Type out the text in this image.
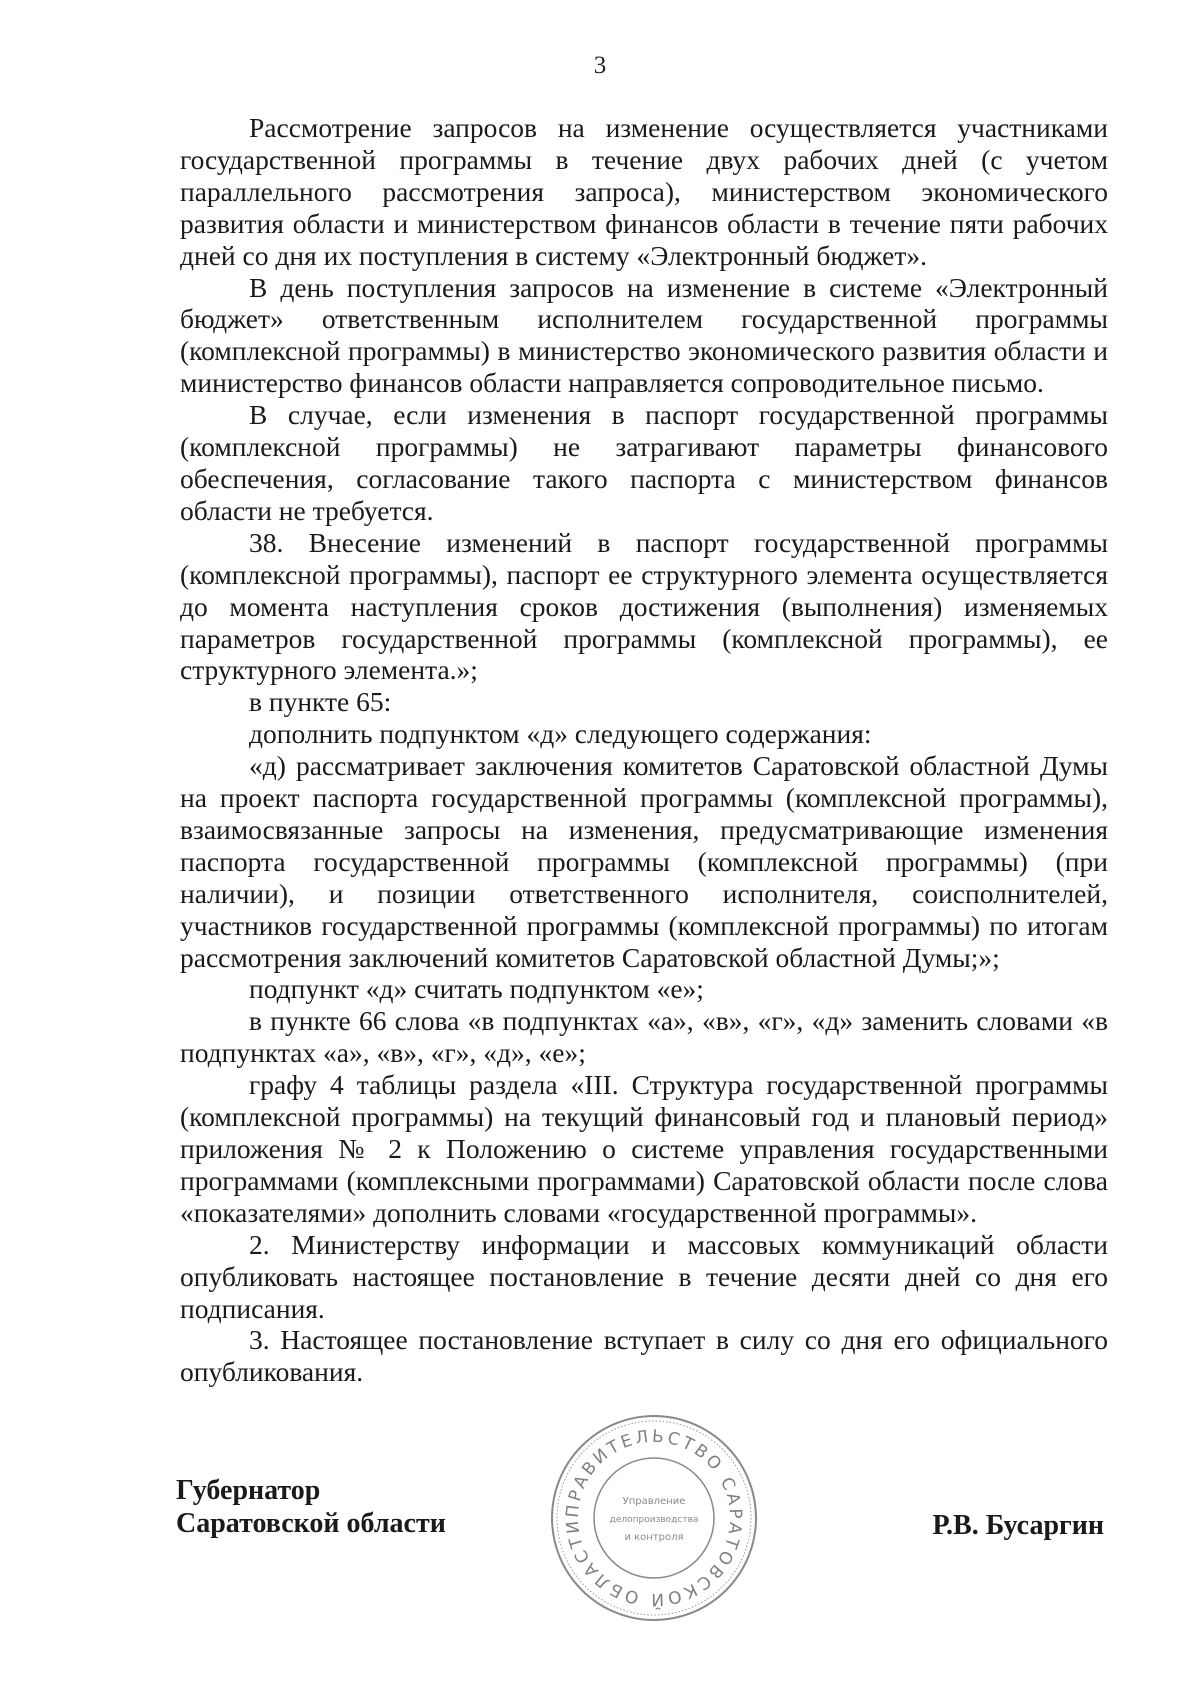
3

Рассмотрение запросов на изменение осуществляется участниками государственной программы в течение двух рабочих дней (с учетом параллельного рассмотрения запроса), министерством экономического развития области и министерством финансов области в течение пяти рабочих дней со дня их поступления в систему «Электронный бюджет».

В день поступления запросов на изменение в системе «Электронный бюджет» ответственным исполнителем государственной программы (комплексной программы) в министерство экономического развития области и министерство финансов области направляется сопроводительное письмо.

В случае, если изменения в паспорт государственной программы (комплексной программы) не затрагивают параметры финансового обеспечения, согласование такого паспорта с министерством финансов области не требуется.

38. Внесение изменений в паспорт государственной программы (комплексной программы), паспорт ее структурного элемента осуществляется до момента наступления сроков достижения (выполнения) изменяемых параметров государственной программы (комплексной программы), ее структурного элемента.»;

в пункте 65:

дополнить подпунктом «д» следующего содержания:

«д) рассматривает заключения комитетов Саратовской областной Думы на проект паспорта государственной программы (комплексной программы), взаимосвязанные запросы на изменения, предусматривающие изменения паспорта государственной программы (комплексной программы) (при наличии), и позиции ответственного исполнителя, соисполнителей, участников государственной программы (комплексной программы) по итогам рассмотрения заключений комитетов Саратовской областной Думы;»;

подпункт «д» считать подпунктом «е»;

в пункте 66 слова «в подпунктах «а», «в», «г», «д» заменить словами «в подпунктах «а», «в», «г», «д», «е»;

графу 4 таблицы раздела «III. Структура государственной программы (комплексной программы) на текущий финансовый год и плановый период» приложения № 2 к Положению о системе управления государственными программами (комплексными программами) Саратовской области после слова «показателями» дополнить словами «государственной программы».

2. Министерству информации и массовых коммуникаций области опубликовать настоящее постановление в течение десяти дней со дня его подписания.

3. Настоящее постановление вступает в силу со дня его официального опубликования.

Губернатор
Саратовской области	ПРАВИТЕЛЬСТВО САРАТОВСКОЙ ОБЛАСТИ
Управление
делопроизводства
и контроля	Р.В. Бусаргин
